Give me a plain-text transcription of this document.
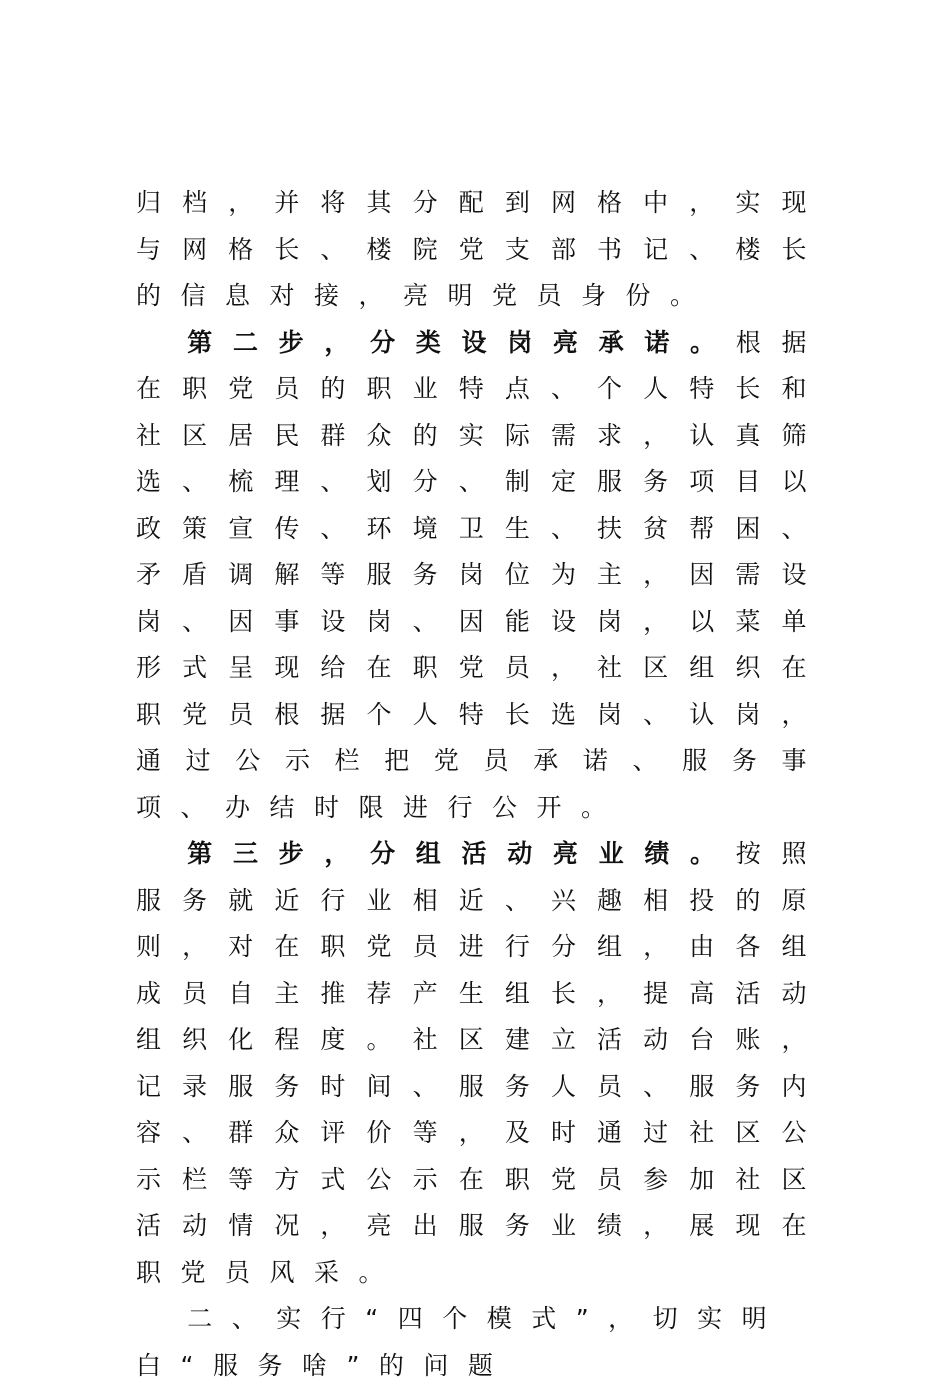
归档，并将其分配到网格中，实现与网格长、楼院党支部书记、楼长的信息对接，亮明党员身份。

第二步，分类设岗亮承诺。根据在职党员的职业特点、个人特长和社区居民群众的实际需求，认真筛选、梳理、划分、制定服务项目以政策宣传、环境卫生、扶贫帮困、矛盾调解等服务岗位为主，因需设岗、因事设岗、因能设岗，以菜单形式呈现给在职党员，社区组织在职党员根据个人特长选岗、认岗，通过公示栏把党员承诺、服务事项、办结时限进行公开。

第三步，分组活动亮业绩。按照服务就近行业相近、兴趣相投的原则，对在职党员进行分组，由各组成员自主推荐产生组长，提高活动组织化程度。社区建立活动台账，记录服务时间、服务人员、服务内容、群众评价等，及时通过社区公示栏等方式公示在职党员参加社区活动情况，亮出服务业绩，展现在职党员风采。

二、实行“四个模式”，切实明白“服务啥”的问题
